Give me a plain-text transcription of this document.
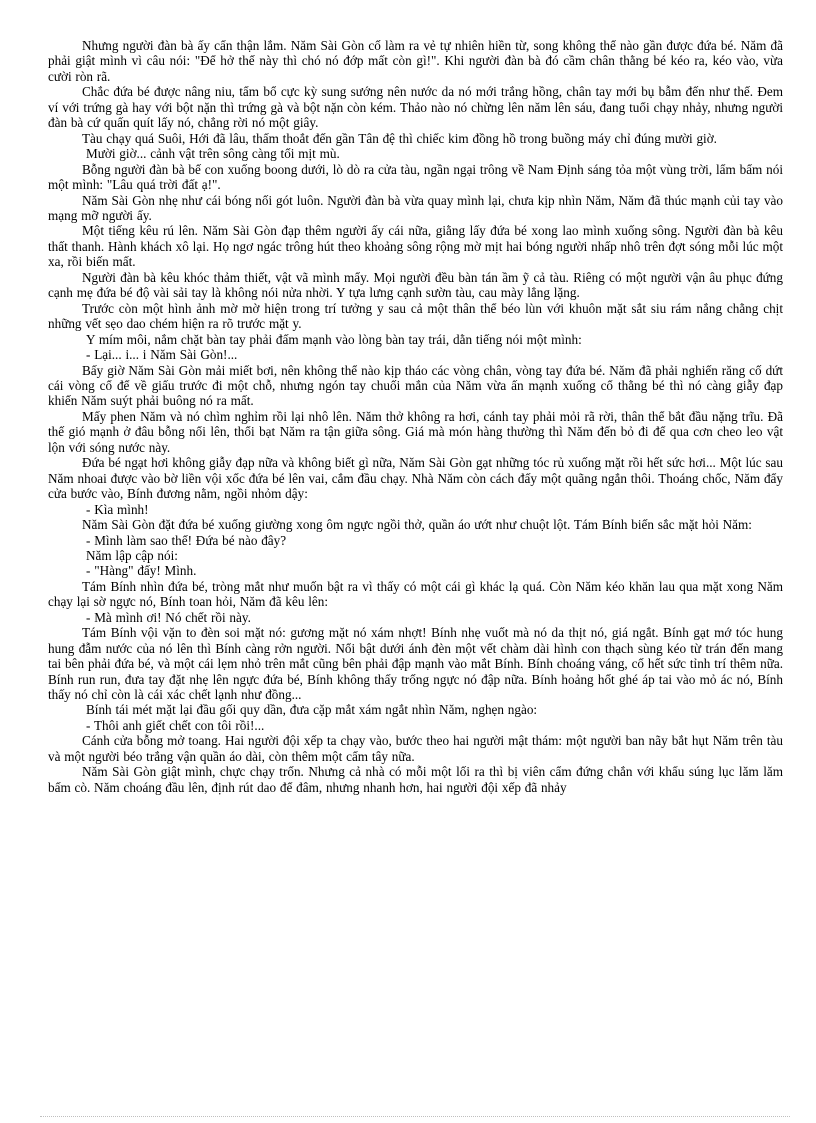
Nhưng người đàn bà ấy cẩn thận lắm. Năm Sài Gòn cố làm ra vẻ tự nhiên hiền từ, song không thể nào gần được đứa bé. Năm đã phải giật mình vì câu nói: "Để hở thế này thì chó nó đớp mất còn gì!". Khi người đàn bà đó cầm chân thằng bé kéo ra, kéo vào, vừa cười ròn rã.

Chắc đứa bé được nâng niu, tẩm bổ cực kỳ sung sướng nên nước da nó mới trắng hồng, chân tay mới bụ bẫm đến như thế. Đem ví với trứng gà hay với bột nặn thì trứng gà và bột nặn còn kém. Thảo nào nó chừng lên năm lên sáu, đang tuổi chạy nhảy, nhưng người đàn bà cứ quấn quít lấy nó, chẳng rời nó một giây.

Tàu chạy quá Suôi, Hới đã lâu, thấm thoắt đến gần Tân đệ thì chiếc kim đồng hồ trong buồng máy chỉ đúng mười giờ.

Mười giờ... cảnh vật trên sông càng tối mịt mù.

Bỗng người đàn bà bế con xuống boong dưới, lò dò ra cửa tàu, ngần ngại trông về Nam Định sáng tỏa một vùng trời, lẩm bẩm nói một mình: "Lâu quá trời đất ạ!".

Năm Sài Gòn nhẹ như cái bóng nối gót luôn. Người đàn bà vừa quay mình lại, chưa kịp nhìn Năm, Năm đã thúc mạnh củi tay vào mạng mỡ người ấy.

Một tiếng kêu rú lên. Năm Sài Gòn đạp thêm người ấy cái nữa, giằng lấy đứa bé xong lao mình xuống sông. Người đàn bà kêu thất thanh. Hành khách xô lại. Họ ngơ ngác trông hút theo khoảng sông rộng mờ mịt hai bóng người nhấp nhô trên đợt sóng mỗi lúc một xa, rồi biến mất.

Người đàn bà kêu khóc thảm thiết, vật vã mình mẩy. Mọi người đều bàn tán ầm ỹ cả tàu. Riêng có một người vận âu phục đứng cạnh mẹ đứa bé độ vài sải tay là không nói nửa nhời. Y tựa lưng cạnh sườn tàu, cau mày lẳng lặng.

Trước còn một hình ảnh mờ mờ hiện trong trí tưởng y sau cả một thân thể béo lùn với khuôn mặt sắt siu rám nắng chằng chịt những vết sẹo dao chém hiện ra rõ trước mặt y.

Y mím môi, nắm chặt bàn tay phải đấm mạnh vào lòng bàn tay trái, dằn tiếng nói một mình:

- Lại... i... i Năm Sài Gòn!...

Bấy giờ Năm Sài Gòn mải miết bơi, nên không thể nào kịp tháo các vòng chân, vòng tay đứa bé. Năm đã phải nghiến răng cố dứt cái vòng cổ để về giấu trước đi một chỗ, nhưng ngón tay chuối mắn của Năm vừa ấn mạnh xuống cổ thằng bé thì nó càng giẫy đạp khiến Năm suýt phải buông nó ra mất.

Mấy phen Năm và nó chìm nghỉm rồi lại nhô lên. Năm thở không ra hơi, cánh tay phải mỏi rã rời, thân thể bắt đầu nặng trĩu. Đã thế gió mạnh ở đâu bỗng nổi lên, thổi bạt Năm ra tận giữa sông. Giá mà món hàng thường thì Năm đến bỏ đi để qua cơn cheo leo vật lộn với sóng nước này.

Đứa bé ngạt hơi không giẫy đạp nữa và không biết gì nữa, Năm Sài Gòn gạt những tóc rủ xuống mặt rồi hết sức hơi... Một lúc sau Năm nhoai được vào bờ liền vội xốc đứa bé lên vai, cắm đầu chạy. Nhà Năm còn cách đấy một quãng ngắn thôi. Thoáng chốc, Năm đẩy cửa bước vào, Bính đương nằm, ngồi nhỏm dậy:

- Kìa mình!

Năm Sài Gòn đặt đứa bé xuống giường xong ôm ngực ngồi thở, quần áo ướt như chuột lột. Tám Bính biến sắc mặt hỏi Năm:

- Mình làm sao thế! Đứa bé nào đây?

Năm lập cập nói:

- "Hàng" đấy! Mình.

Tám Bính nhìn đứa bé, tròng mắt như muốn bật ra vì thấy có một cái gì khác lạ quá. Còn Năm kéo khăn lau qua mặt xong Năm chạy lại sờ ngực nó, Bính toan hỏi, Năm đã kêu lên:

- Mà mình ơi! Nó chết rồi này.

Tám Bính vội vặn to đèn soi mặt nó: gương mặt nó xám nhợt! Bính nhẹ vuốt mà nó da thịt nó, giá ngắt. Bính gạt mớ tóc hung hung đẫm nước của nó lên thì Bính càng rởn người. Nổi bật dưới ánh đèn một vết chàm dài hình con thạch sùng kéo từ trán đến mang tai bên phải đứa bé, và một cái lẹm nhỏ trên mắt cũng bên phải đập mạnh vào mắt Bính. Bính choáng váng, cố hết sức tỉnh trí thêm nữa. Bính run run, đưa tay đặt nhẹ lên ngực đứa bé, Bính không thấy trống ngực nó đập nữa. Bính hoảng hốt ghé áp tai vào mỏ ác nó, Bính thấy nó chỉ còn là cái xác chết lạnh như đồng...

Bính tái mét mặt lại đầu gối quy dần, đưa cặp mắt xám ngắt nhìn Năm, nghẹn ngào:

- Thôi anh giết chết con tôi rồi!...

Cánh cửa bỗng mở toang. Hai người đội xếp ta chạy vào, bước theo hai người mật thám: một người ban nãy bắt hụt Năm trên tàu và một người béo trắng vận quần áo dài, còn thêm một cẩm tây nữa.

Năm Sài Gòn giật mình, chực chạy trốn. Nhưng cả nhà có mỗi một lối ra thì bị viên cẩm đứng chắn với khẩu súng lục lăm lăm bấm cò. Năm choáng đầu lên, định rút dao để đâm, nhưng nhanh hơn, hai người đội xếp đã nhảy
